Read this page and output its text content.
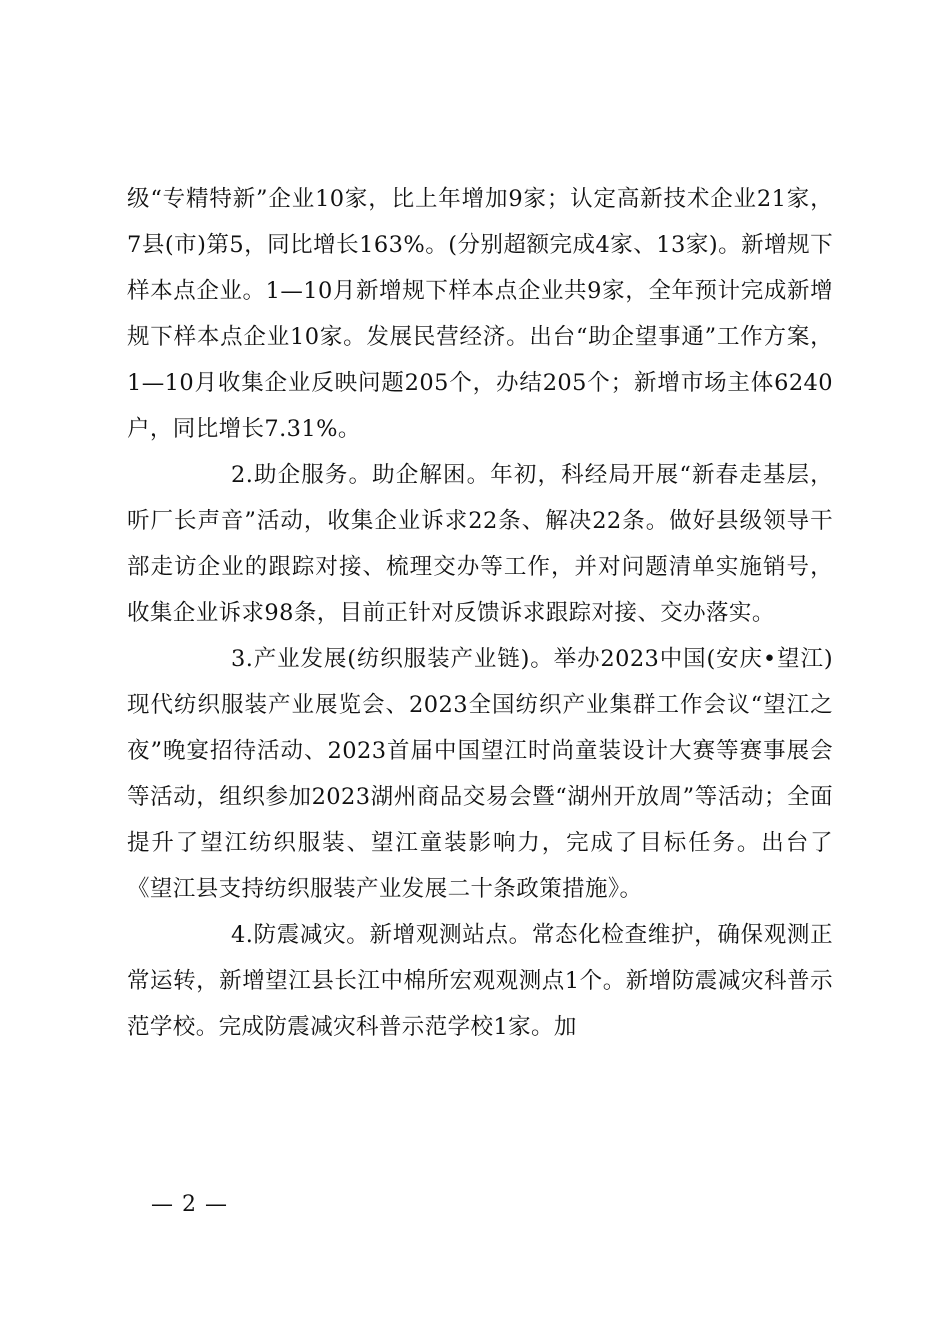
级“专精特新”企业10家，比上年增加9家；认定高新技术企业21家，7县(市)第5，同比增长163%。(分别超额完成4家、13家)。新增规下样本点企业。1—10月新增规下样本点企业共9家，全年预计完成新增规下样本点企业10家。发展民营经济。出台“助企望事通”工作方案，1—10月收集企业反映问题205个，办结205个；新增市场主体6240户，同比增长7.31%。

2.助企服务。助企解困。年初，科经局开展“新春走基层，听厂长声音”活动，收集企业诉求22条、解决22条。做好县级领导干部走访企业的跟踪对接、梳理交办等工作，并对问题清单实施销号，收集企业诉求98条，目前正针对反馈诉求跟踪对接、交办落实。

3.产业发展(纺织服装产业链)。举办2023中国(安庆•望江)现代纺织服装产业展览会、2023全国纺织产业集群工作会议“望江之夜”晚宴招待活动、2023首届中国望江时尚童装设计大赛等赛事展会等活动，组织参加2023湖州商品交易会暨“湖州开放周”等活动；全面提升了望江纺织服装、望江童装影响力，完成了目标任务。出台了《望江县支持纺织服装产业发展二十条政策措施》。

4.防震减灾。新增观测站点。常态化检查维护，确保观测正常运转，新增望江县长江中棉所宏观观测点1个。新增防震减灾科普示范学校。完成防震减灾科普示范学校1家。加

— 2 —
